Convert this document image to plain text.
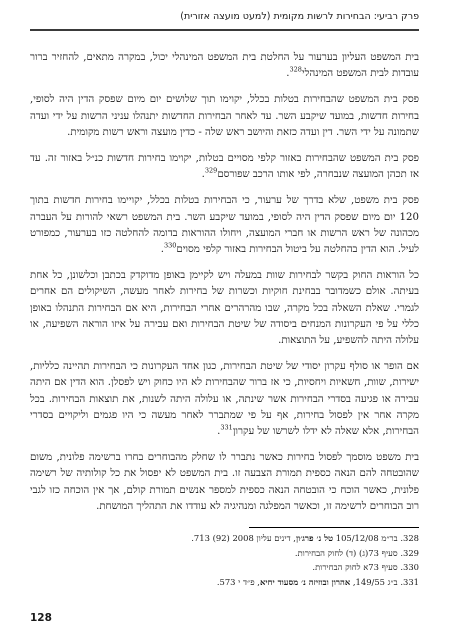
פרק רביעי: הבחירות לרשות מקומית (למעט מועצה אזורית)

בית המשפט העליון בערעור על החלטת בית המשפט המינהלי יכול, במקרה מתאים, להחזיר ברור עובדות לבית המשפט המינהלי$^{328}$.

פסק בית המשפט שהבחירות בטלות בכלל, יקוימו תוך שלושים יום מיום שפסק הדין היה לסופי, בחירות חדשות, במועד שיקבע השר. עד לאחר הבחירות החדשות יתנהלו עניני הרשות על ידי ועדה שתמונה על ידי השר. דין ועדה כזאת והיושב ראש שלה - כדין מועצה וראש רשות מקומית.

פסק בית המשפט שהבחירות באזור קלפי מסויים בטלות, יקוימו בחירות חדשות כנ״ל באזור זה. עד אז תכהן המועצה שנבחרה, לפי אותו הרכב שפורסם$^{329}$.

פסק בית משפט, שלא בדרך של ערעור, כי הבחירות בטלות בכלל, יקויימו בחירות חדשות בתוך 120 יום מיום שפסק הדין היה לסופי, במועד שיקבע השר. בית המשפט רשאי להורות על העברה מכהונה של ראש הרשות או חברי המועצה, ויחולו ההוראות בדומה להחלטה כזו בערעור, כמפורט לעיל. הוא הדין בהחלטה על ביטול הבחירות באזור קלפי מסוים$^{330}$.

כל הוראות החוק בקשר לבחירות שוות במעלה ויש לקיימן באופן מדוקדק בכתבן וכלשונן, כל אחת בעיתה. אולם כשמדובר בבחינת חוקיות וכשרות של בחירות לאחר מעשה, השיקולים הם אחרים לגמרי. שאלת השאלה בכל מקרה, שבו מהרהרים אחרי הבחירות, היא אם הבחירות התנהלו באופן כללי על פי העקרונות המנחים ביסודה של שיטת הבחירות ואם עבירה על איזו הוראה השפיעה, או עלולה היתה להשפיע, על התוצאות.

אם הופר או סולף עקרון יסודי של שיטת הבחירות, כגון אחד העקרונות כי הבחירות תהיינה כלליות, ישירות, שוות, חשאיות ויחסיות, כי אז ברור שהבחירות לא היו כחוק ויש לפסלן. הוא הדין אם היתה עבירה או פגיעה בסדרי הבחירות אשר שינתה, או עלולה היתה לשנות, את תוצאות הבחירות. בכל מקרה אחר אין לפסול בחירות, אף על פי שמתברר לאחר מעשה כי היו פגמים וליקויים בסדרי הבחירות, אלא שאלה לא ידלו לשרשו של עקרון$^{331}$.

בית משפט מוסמך לפסול בחירות כאשר נתברר לו שחלק מהבוחרים בחרו ברשימה פלונית, משום שהובטחה להם הנאה כספית תמורת הצבעה זו. בית המשפט לא יפסול את כל קולותיה של רשימה פלונית, כאשר הוכח כי הובטחה הנאה כספית למספר אנשים תמורת קולם, אך אין הוכחה כזו לגבי רוב הבוחרים לרשימה זו, וכאשר המפלגה ומנהיגיה לא עודדו את התהליך המושחת.

328. בר״מ 105/12/08 טל נ׳ פרג׳ון, דינים עליון 2008 (92) 713.

329. סעיף 73(ג) (ד) לחוק הבחירות.

330. סעיף 73א לחוק הבחירות.

331. ב״ג 149/55, אהרון ובוזיזה נ׳ מסעוד יחיא, פ״ד י 573.

128
